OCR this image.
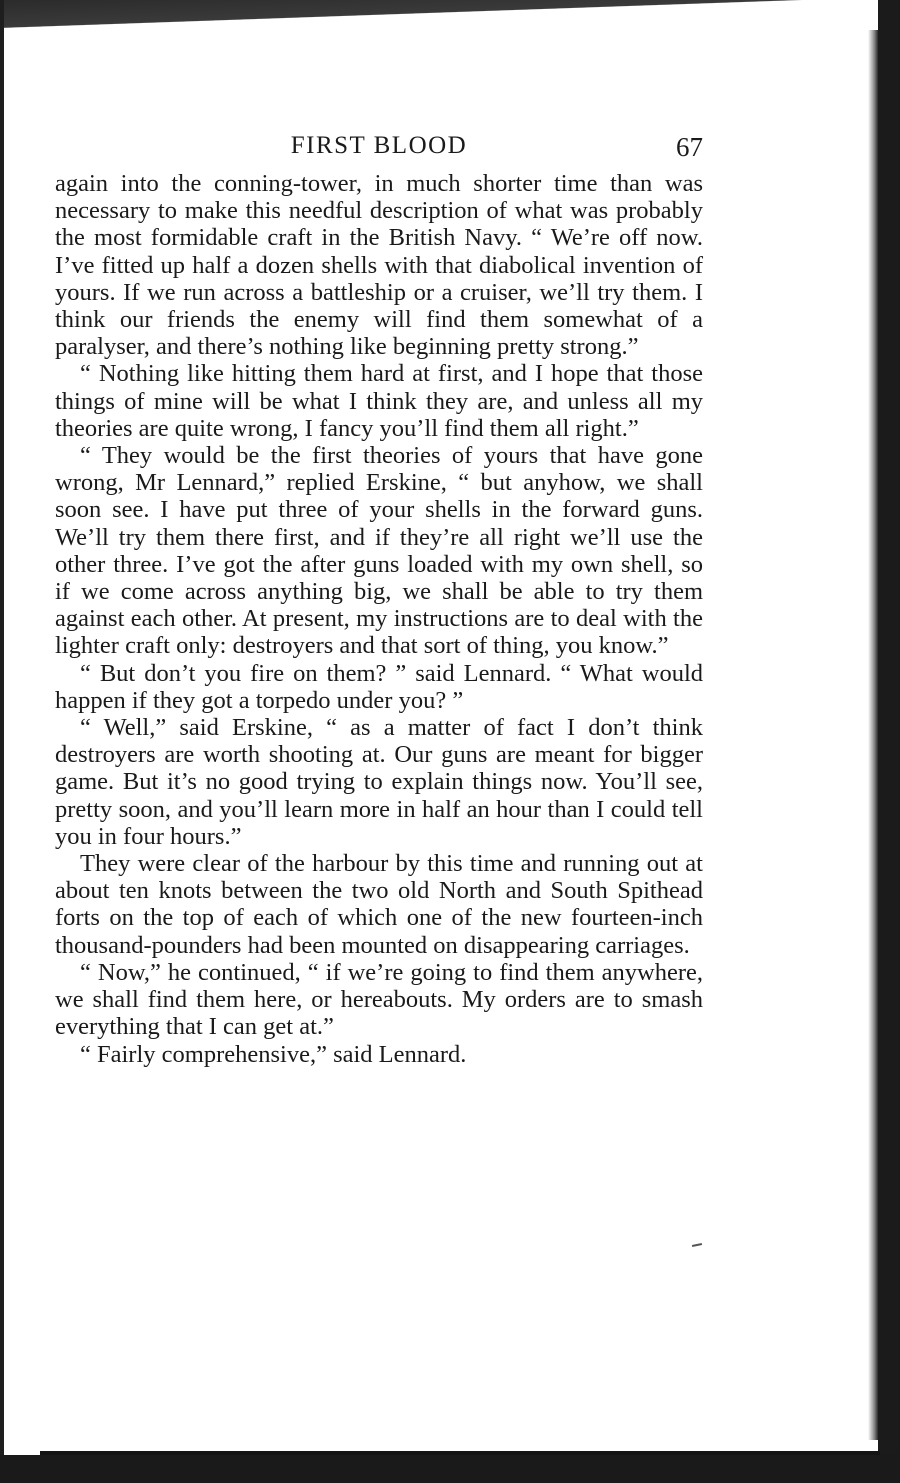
FIRST BLOOD	67

again into the conning-tower, in much shorter time than was necessary to make this needful description of what was probably the most formidable craft in the British Navy. “ We’re off now. I’ve fitted up half a dozen shells with that diabolical invention of yours. If we run across a battleship or a cruiser, we’ll try them. I think our friends the enemy will find them somewhat of a paralyser, and there’s nothing like beginning pretty strong.”

“ Nothing like hitting them hard at first, and I hope that those things of mine will be what I think they are, and unless all my theories are quite wrong, I fancy you’ll find them all right.”

“ They would be the first theories of yours that have gone wrong, Mr Lennard,” replied Erskine, “ but anyhow, we shall soon see. I have put three of your shells in the forward guns. We’ll try them there first, and if they’re all right we’ll use the other three. I’ve got the after guns loaded with my own shell, so if we come across anything big, we shall be able to try them against each other. At present, my instructions are to deal with the lighter craft only: destroyers and that sort of thing, you know.”

“ But don’t you fire on them? ” said Lennard. “ What would happen if they got a torpedo under you? ”

“ Well,” said Erskine, “ as a matter of fact I don’t think destroyers are worth shooting at. Our guns are meant for bigger game. But it’s no good trying to explain things now. You’ll see, pretty soon, and you’ll learn more in half an hour than I could tell you in four hours.”

They were clear of the harbour by this time and running out at about ten knots between the two old North and South Spithead forts on the top of each of which one of the new fourteen-inch thousand-pounders had been mounted on disappearing carriages.

“ Now,” he continued, “ if we’re going to find them anywhere, we shall find them here, or hereabouts. My orders are to smash everything that I can get at.”

“ Fairly comprehensive,” said Lennard.
